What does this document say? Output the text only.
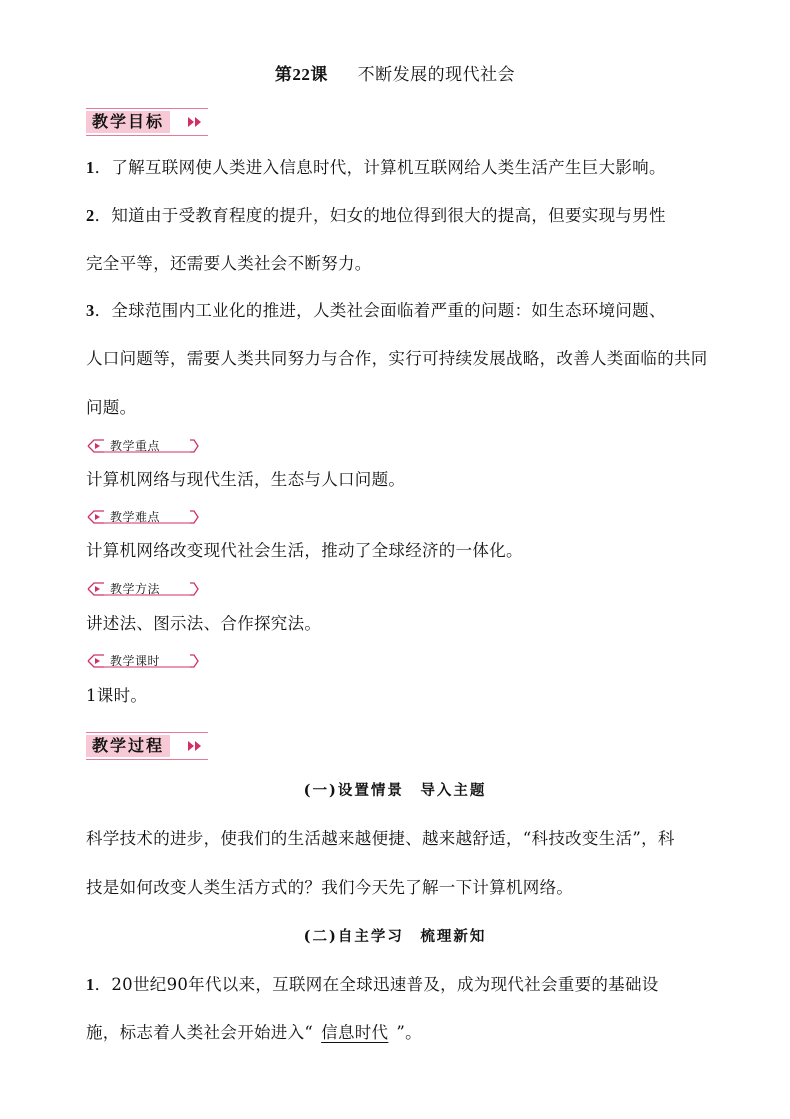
第22课 不断发展的现代社会
教学目标
1．了解互联网使人类进入信息时代，计算机互联网给人类生活产生巨大影响。
2．知道由于受教育程度的提升，妇女的地位得到很大的提高，但要实现与男性
完全平等，还需要人类社会不断努力。
3．全球范围内工业化的推进，人类社会面临着严重的问题：如生态环境问题、
人口问题等，需要人类共同努力与合作，实行可持续发展战略，改善人类面临的共同
问题。
教学重点
计算机网络与现代生活，生态与人口问题。
教学难点
计算机网络改变现代社会生活，推动了全球经济的一体化。
教学方法
讲述法、图示法、合作探究法。
教学课时
1课时。
教学过程
(一)设置情景　导入主题
科学技术的进步，使我们的生活越来越便捷、越来越舒适，“科技改变生活”，科
技是如何改变人类生活方式的？我们今天先了解一下计算机网络。
(二)自主学习　梳理新知
1．20世纪90年代以来，互联网在全球迅速普及，成为现代社会重要的基础设
施，标志着人类社会开始进入“ 信息时代 ”。
